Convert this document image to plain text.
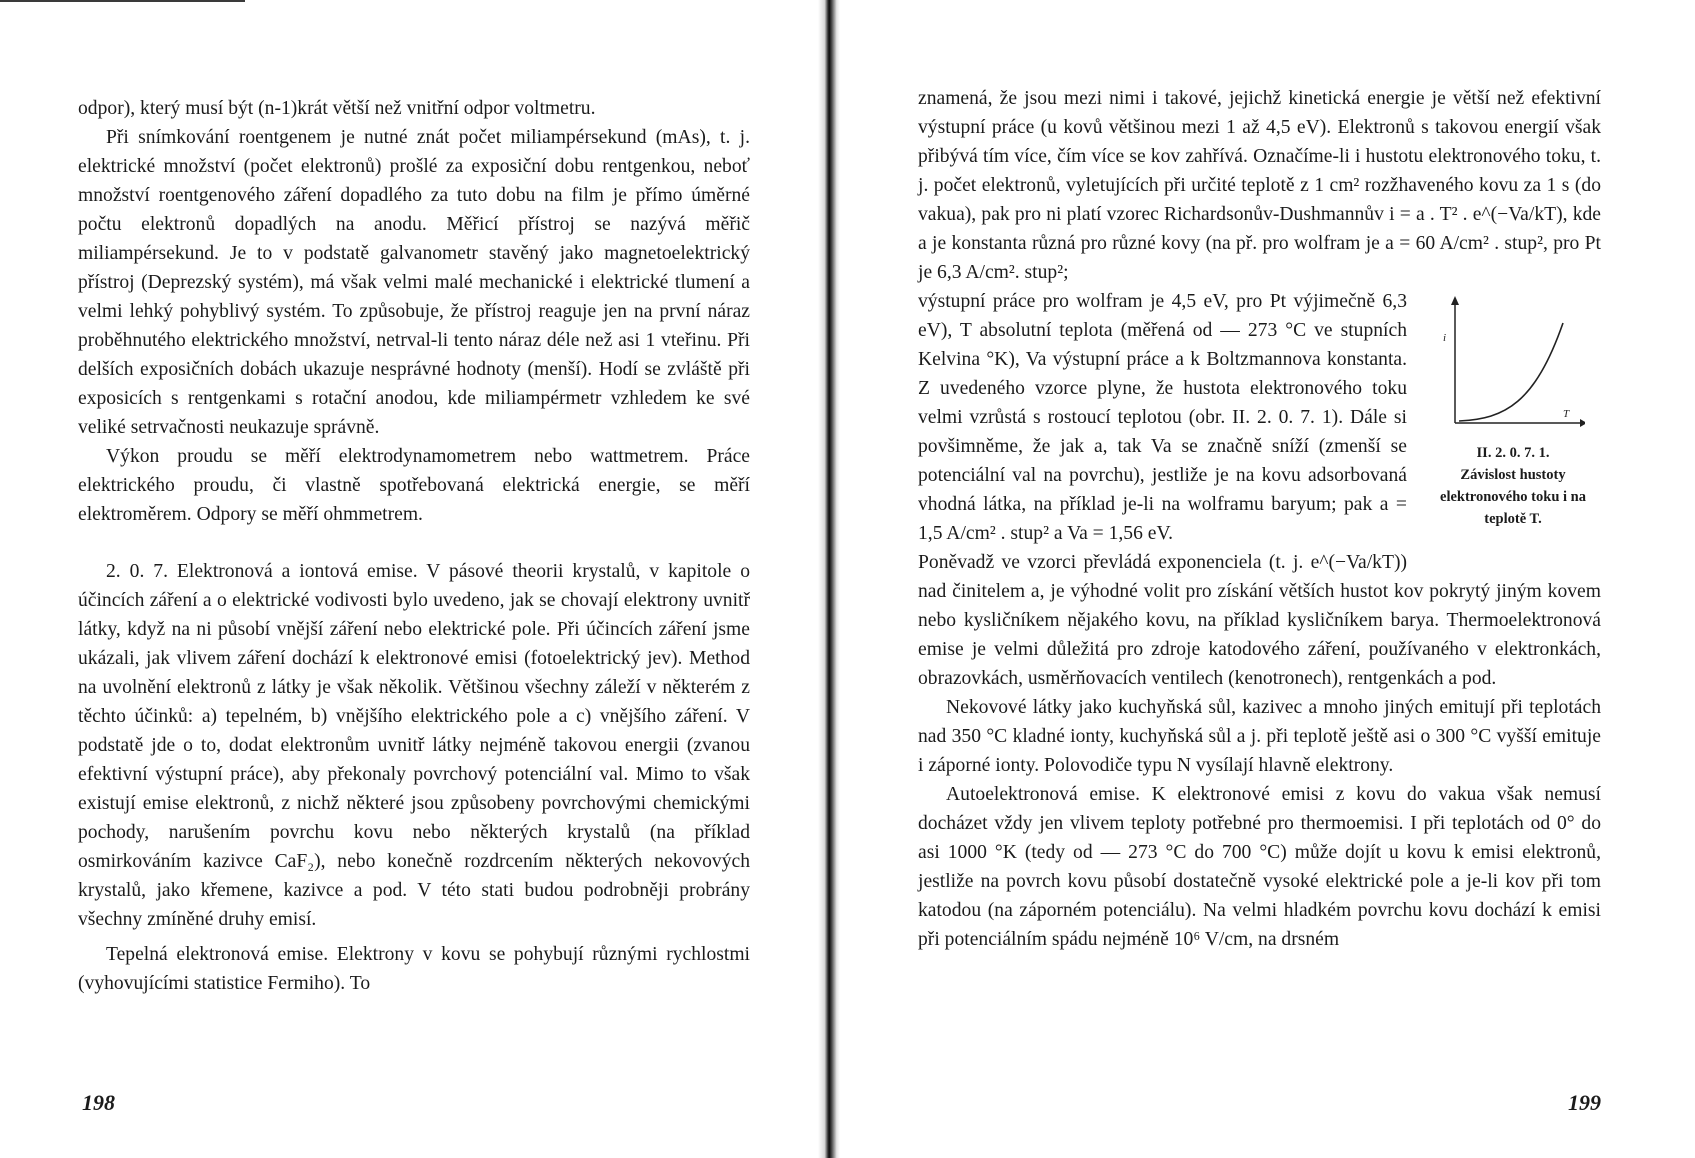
odpor), který musí být (n-1)krát větší než vnitřní odpor voltmetru.

Při snímkování roentgenem je nutné znát počet miliampérsekund (mAs), t. j. elektrické množství (počet elektronů) prošlé za exposiční dobu rentgenkou, neboť množství roentgenového záření dopadlého za tuto dobu na film je přímo úměrné počtu elektronů dopadlých na anodu. Měřicí přístroj se nazývá měřič miliampérsekund. Je to v podstatě galvanometr stavěný jako magnetoelektrický přístroj (Deprezský systém), má však velmi malé mechanické i elektrické tlumení a velmi lehký pohyblivý systém. To způsobuje, že přístroj reaguje jen na první náraz proběhnutého elektrického množství, netrval-li tento náraz déle než asi 1 vteřinu. Při delších exposičních dobách ukazuje nesprávné hodnoty (menší). Hodí se zvláště při exposicích s rentgenkami s rotační anodou, kde miliampérmetr vzhledem ke své veliké setrvačnosti neukazuje správně.

Výkon proudu se měří elektrodynamometrem nebo wattmetrem. Práce elektrického proudu, či vlastně spotřebovaná elektrická energie, se měří elektroměrem. Odpory se měří ohmmetrem.

2. 0. 7. Elektronová a iontová emise. V pásové theorii krystalů, v kapitole o účincích záření a o elektrické vodivosti bylo uvedeno, jak se chovají elektrony uvnitř látky, když na ni působí vnější záření nebo elektrické pole. Při účincích záření jsme ukázali, jak vlivem záření dochází k elektronové emisi (fotoelektrický jev). Method na uvolnění elektronů z látky je však několik. Většinou všechny záleží v některém z těchto účinků: a) tepelném, b) vnějšího elektrického pole a c) vnějšího záření. V podstatě jde o to, dodat elektronům uvnitř látky nejméně takovou energii (zvanou efektivní výstupní práce), aby překonaly povrchový potenciální val. Mimo to však existují emise elektronů, z nichž některé jsou způsobeny povrchovými chemickými pochody, narušením povrchu kovu nebo některých krystalů (na příklad osmirkováním kazivce CaF₂), nebo konečně rozdrcením některých nekovových krystalů, jako křemene, kazivce a pod. V této stati budou podrobněji probrány všechny zmíněné druhy emisí.

Tepelná elektronová emise. Elektrony v kovu se pohybují různými rychlostmi (vyhovujícími statistice Fermiho). To

198

znamená, že jsou mezi nimi i takové, jejichž kinetická energie je větší než efektivní výstupní práce (u kovů většinou mezi 1 až 4,5 eV). Elektronů s takovou energií však přibývá tím více, čím více se kov zahřívá. Označíme-li i hustotu elektronového toku, t. j. počet elektronů, vyletujících při určité teplotě z 1 cm² rozžhaveného kovu za 1 s (do vakua), pak pro ni platí vzorec Richardsonův-Dushmannův i = a . T² . e^(−Va/kT), kde a je konstanta různá pro různé kovy (na př. pro wolfram je a = 60 A/cm² . stup², pro Pt je 6,3 A/cm². stup²;

i
T
II. 2. 0. 7. 1.
Závislost hustoty elektronového toku i na teplotě T.

výstupní práce pro wolfram je 4,5 eV, pro Pt výjimečně 6,3 eV), T absolutní teplota (měřená od — 273 °C ve stupních Kelvina °K), Va výstupní práce a k Boltzmannova konstanta. Z uvedeného vzorce plyne, že hustota elektronového toku velmi vzrůstá s rostoucí teplotou (obr. II. 2. 0. 7. 1). Dále si povšimněme, že jak a, tak Va se značně sníží (zmenší se potenciální val na povrchu), jestliže je na kovu adsorbovaná vhodná látka, na příklad je-li na wolframu baryum; pak a = 1,5 A/cm² . stup² a Va = 1,56 eV.

Poněvadž ve vzorci převládá exponenciela (t. j. e^(−Va/kT)) nad činitelem a, je výhodné volit pro získání větších hustot kov pokrytý jiným kovem nebo kysličníkem nějakého kovu, na příklad kysličníkem barya. Thermoelektronová emise je velmi důležitá pro zdroje katodového záření, používaného v elektronkách, obrazovkách, usměrňovacích ventilech (kenotronech), rentgenkách a pod.

Nekovové látky jako kuchyňská sůl, kazivec a mnoho jiných emitují při teplotách nad 350 °C kladné ionty, kuchyňská sůl a j. při teplotě ještě asi o 300 °C vyšší emituje i záporné ionty. Polovodiče typu N vysílají hlavně elektrony.

Autoelektronová emise. K elektronové emisi z kovu do vakua však nemusí docházet vždy jen vlivem teploty potřebné pro thermoemisi. I při teplotách od 0° do asi 1000 °K (tedy od — 273 °C do 700 °C) může dojít u kovu k emisi elektronů, jestliže na povrch kovu působí dostatečně vysoké elektrické pole a je-li kov při tom katodou (na záporném potenciálu). Na velmi hladkém povrchu kovu dochází k emisi při potenciálním spádu nejméně 10⁶ V/cm, na drsném

199
